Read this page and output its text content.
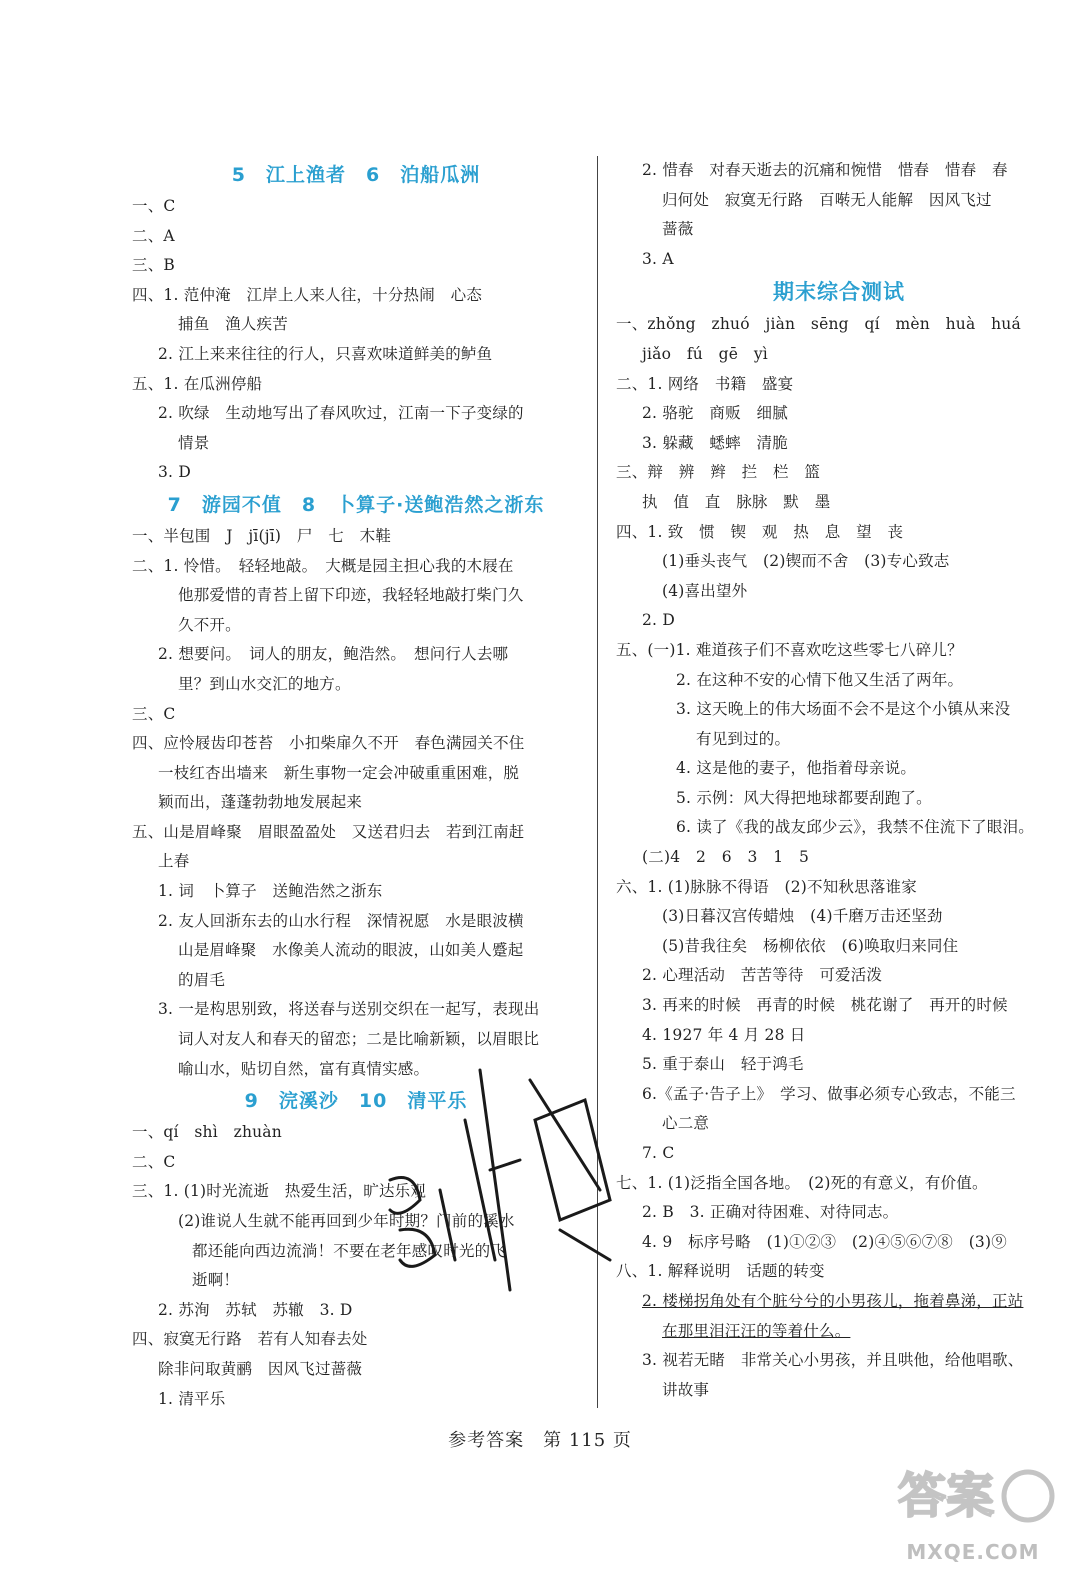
5　江上渔者　6　泊船瓜洲
一、C
二、A
三、B
四、1. 范仲淹　江岸上人来人往，十分热闹　心态
捕鱼　渔人疾苦
2. 江上来来往往的行人，只喜欢味道鲜美的鲈鱼
五、1. 在瓜洲停船
2. 吹绿　生动地写出了春风吹过，江南一下子变绿的
情景
3. D
7　游园不值　8　卜算子·送鲍浩然之浙东
一、半包围　J　jī(jī)　尸　七　木鞋
二、1. 怜惜。　轻轻地敲。　大概是园主担心我的木屐在
他那爱惜的青苔上留下印迹，我轻轻地敲打柴门久
久不开。
2. 想要问。　词人的朋友，鲍浩然。　想问行人去哪
里？到山水交汇的地方。
三、C
四、应怜屐齿印苍苔　小扣柴扉久不开　春色满园关不住
一枝红杏出墙来　新生事物一定会冲破重重困难，脱
颖而出，蓬蓬勃勃地发展起来
五、山是眉峰聚　眉眼盈盈处　又送君归去　若到江南赶
上春
1. 词　卜算子　送鲍浩然之浙东
2. 友人回浙东去的山水行程　深情祝愿　水是眼波横
山是眉峰聚　水像美人流动的眼波，山如美人蹙起
的眉毛
3. 一是构思别致，将送春与送别交织在一起写，表现出
词人对友人和春天的留恋；二是比喻新颖，以眉眼比
喻山水，贴切自然，富有真情实感。
9　浣溪沙　10　清平乐
一、qí　shì　zhuàn
二、C
三、1. (1)时光流逝　热爱生活，旷达乐观
(2)谁说人生就不能再回到少年时期？门前的溪水
都还能向西边流淌！不要在老年感叹时光的飞
逝啊！
2. 苏洵　苏轼　苏辙　3. D
四、寂寞无行路　若有人知春去处
除非问取黄鹂　因风飞过蔷薇
1. 清平乐
2. 惜春　对春天逝去的沉痛和惋惜　惜春　惜春　春
归何处　寂寞无行路　百啭无人能解　因风飞过
蔷薇
3. A
期末综合测试
一、zhǒng　zhuó　jiàn　sēng　qí　mèn　huà　huá
jiǎo　fú　gē　yì
二、1. 网络　书籍　盛宴
2. 骆驼　商贩　细腻
3. 躲藏　蟋蟀　清脆
三、辩　辨　辫　拦　栏　篮
执　值　直　脉脉　默　墨
四、1. 致　惯　锲　观　热　息　望　丧
(1)垂头丧气　(2)锲而不舍　(3)专心致志
(4)喜出望外
2. D
五、(一)1. 难道孩子们不喜欢吃这些零七八碎儿？
2. 在这种不安的心情下他又生活了两年。
3. 这天晚上的伟大场面不会不是这个小镇从来没
有见到过的。
4. 这是他的妻子，他指着母亲说。
5. 示例：风大得把地球都要刮跑了。
6. 读了《我的战友邱少云》，我禁不住流下了眼泪。
(二)4　2　6　3　1　5
六、1. (1)脉脉不得语　(2)不知秋思落谁家
(3)日暮汉宫传蜡烛　(4)千磨万击还坚劲
(5)昔我往矣　杨柳依依　(6)唤取归来同住
2. 心理活动　苦苦等待　可爱活泼
3. 再来的时候　再青的时候　桃花谢了　再开的时候
4. 1927 年 4 月 28 日
5. 重于泰山　轻于鸿毛
6.《孟子·告子上》　学习、做事必须专心致志，不能三
心二意
7. C
七、1. (1)泛指全国各地。　(2)死的有意义，有价值。
2. B　3. 正确对待困难、对待同志。
4. 9　标序号略　(1)①②③　(2)④⑤⑥⑦⑧　(3)⑨
八、1. 解释说明　话题的转变
2. 楼梯拐角处有个脏兮兮的小男孩儿，拖着鼻涕，正站
在那里泪汪汪的等着什么。
3. 视若无睹　非常关心小男孩，并且哄他，给他唱歌、
讲故事
参考答案　第 115 页
答案
MXQE.COM
